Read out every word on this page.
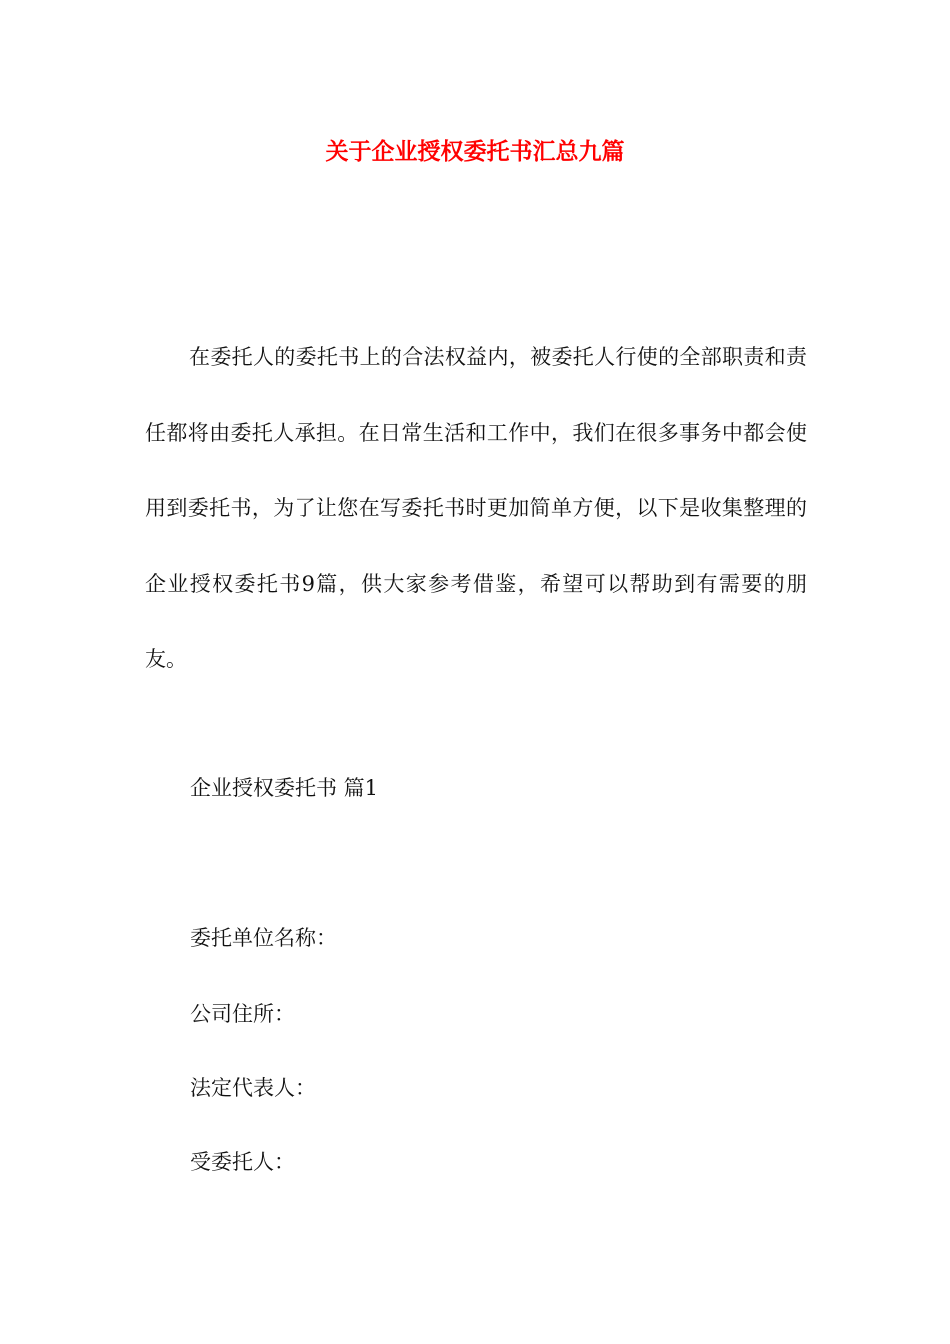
关于企业授权委托书汇总九篇

在委托人的委托书上的合法权益内，被委托人行使的全部职责和责任都将由委托人承担。在日常生活和工作中，我们在很多事务中都会使用到委托书，为了让您在写委托书时更加简单方便，以下是收集整理的企业授权委托书9篇，供大家参考借鉴，希望可以帮助到有需要的朋友。

企业授权委托书 篇1

委托单位名称：

公司住所：

法定代表人：

受委托人：
